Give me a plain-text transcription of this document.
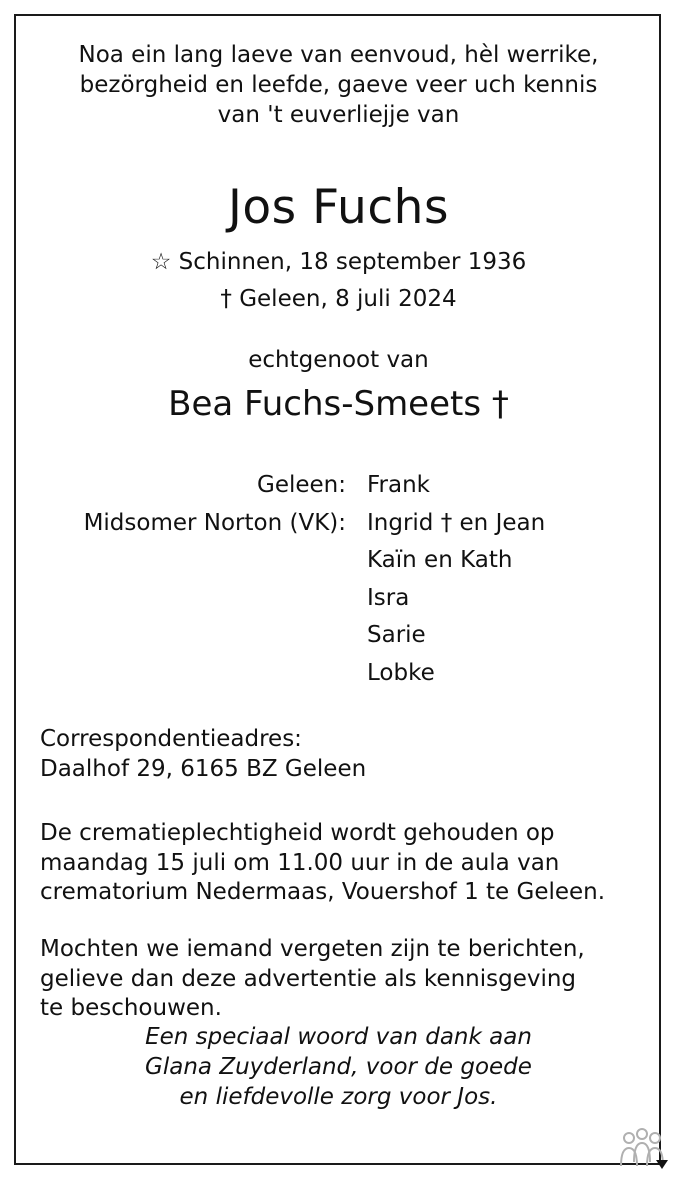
Noa ein lang laeve van eenvoud, hèl werrike,
bezörgheid en leefde, gaeve veer uch kennis
van 't euverliejje van
Jos Fuchs
☆ Schinnen, 18 september 1936
† Geleen, 8 juli 2024
echtgenoot van
Bea Fuchs-Smeets †
Geleen:
Midsomer Norton (VK):
Frank
Ingrid † en Jean
Kaïn en Kath
Isra
Sarie
Lobke
Correspondentieadres:
Daalhof 29, 6165 BZ Geleen
De crematieplechtigheid wordt gehouden op
maandag 15 juli om 11.00 uur in de aula van
crematorium Nedermaas, Vouershof 1 te Geleen.
Mochten we iemand vergeten zijn te berichten,
gelieve dan deze advertentie als kennisgeving
te beschouwen.
Een speciaal woord van dank aan
Glana Zuyderland, voor de goede
en liefdevolle zorg voor Jos.
